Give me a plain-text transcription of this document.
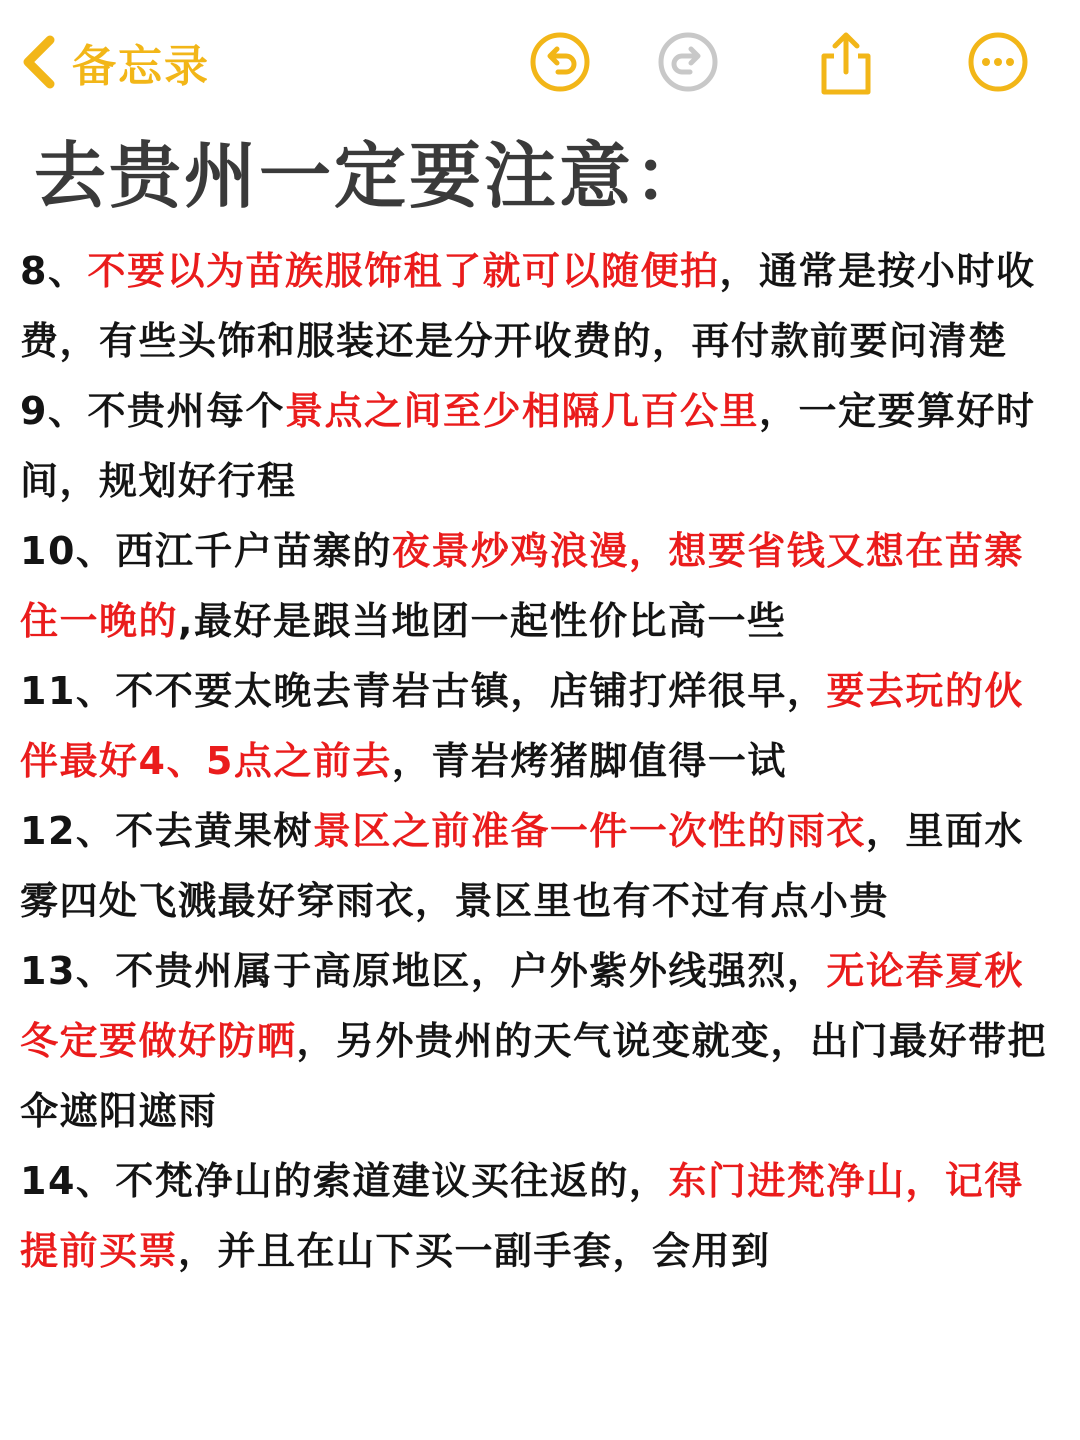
备忘录
去贵州一定要注意：

8、不要以为苗族服饰租了就可以随便拍，通常是按小时收费，有些头饰和服装还是分开收费的，再付款前要问清楚

9、不贵州每个景点之间至少相隔几百公里，一定要算好时间，规划好行程

10、西江千户苗寨的夜景炒鸡浪漫，想要省钱又想在苗寨住一晚的,最好是跟当地团一起性价比高一些

11、不不要太晚去青岩古镇，店铺打烊很早，要去玩的伙伴最好4、5点之前去，青岩烤猪脚值得一试

12、不去黄果树景区之前准备一件一次性的雨衣，里面水雾四处飞溅最好穿雨衣，景区里也有不过有点小贵

13、不贵州属于高原地区，户外紫外线强烈，无论春夏秋冬定要做好防晒，另外贵州的天气说变就变，出门最好带把伞遮阳遮雨

14、不梵净山的索道建议买往返的，东门进梵净山，记得提前买票，并且在山下买一副手套，会用到
